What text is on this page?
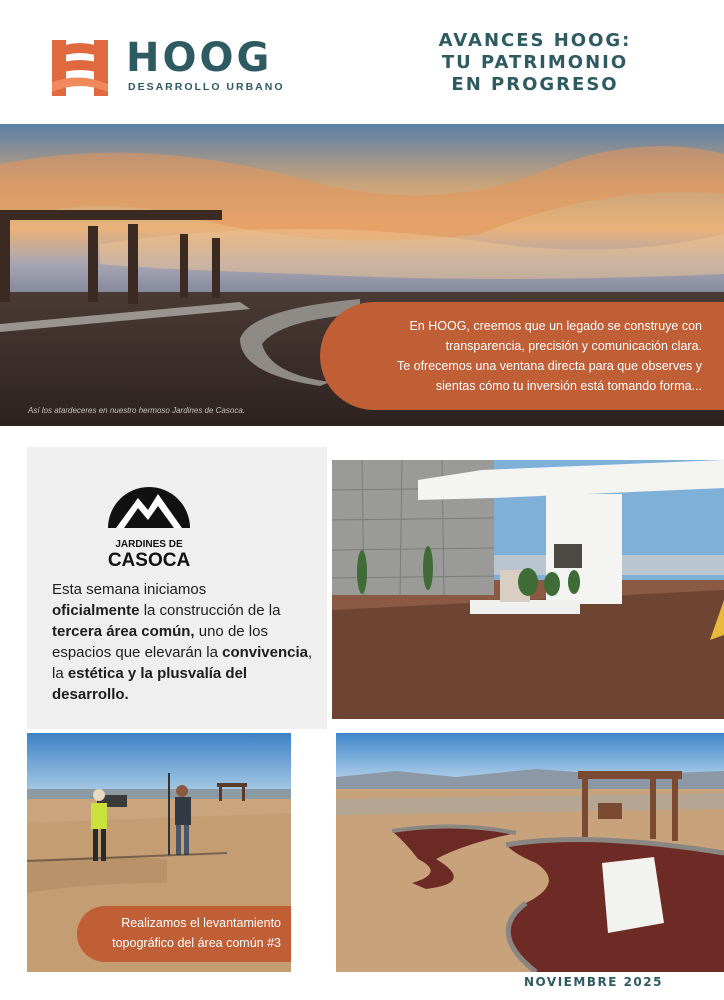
HOOG
DESARROLLO URBANO
AVANCES HOOG:
TU PATRIMONIO
EN PROGRESO
Así los atardeceres en nuestro hermoso Jardines de Casoca.
En HOOG, creemos que un legado se construye con
transparencia, precisión y comunicación clara.
Te ofrecemos una ventana directa para que observes y
sientas cómo tu inversión está tomando forma...
JARDINES DE
CASOCA
Esta semana iniciamos
oficialmente la construcción de la tercera área común, uno de los espacios que elevarán la convivencia, la estética y la plusvalía del desarrollo.
Realizamos el levantamiento
topográfico del área común #3
NOVIEMBRE 2025
